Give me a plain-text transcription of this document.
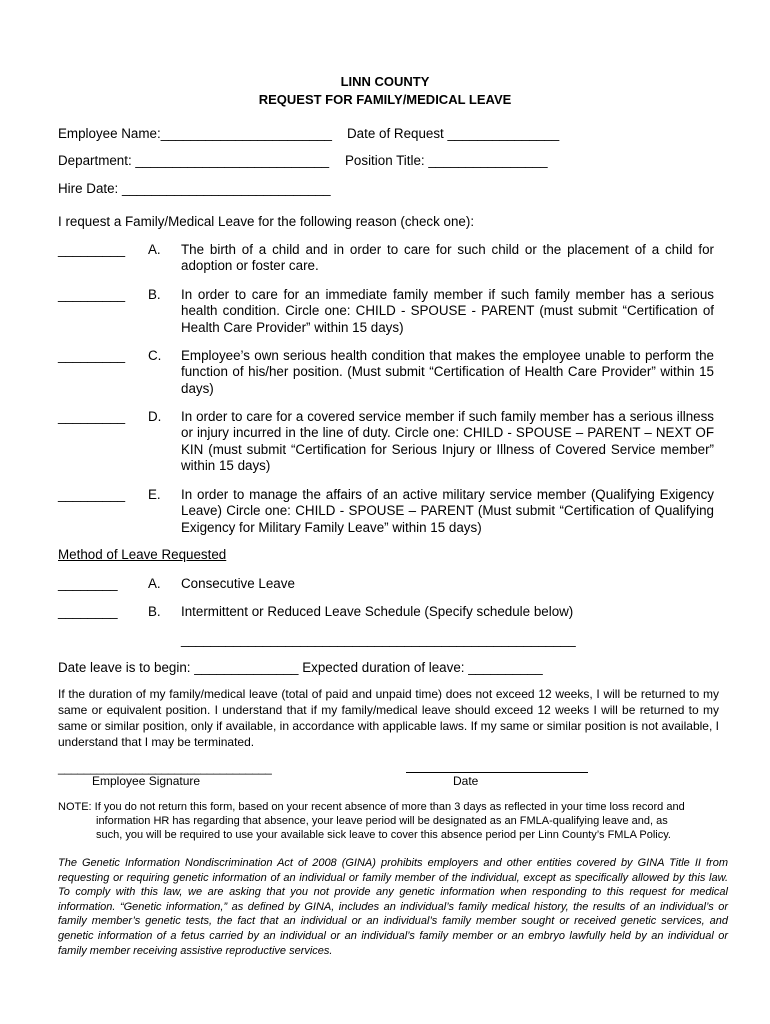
LINN COUNTY
REQUEST FOR FAMILY/MEDICAL LEAVE
Employee Name:_______________________ Date of Request _______________
Department: __________________________ Position Title: ________________
Hire Date: ____________________________
I request a Family/Medical Leave for the following reason (check one):
_________ A. The birth of a child and in order to care for such child or the placement of a child for adoption or foster care.
_________ B. In order to care for an immediate family member if such family member has a serious health condition. Circle one: CHILD - SPOUSE - PARENT (must submit “Certification of Health Care Provider” within 15 days)
_________ C. Employee’s own serious health condition that makes the employee unable to perform the function of his/her position. (Must submit “Certification of Health Care Provider” within 15 days)
_________ D. In order to care for a covered service member if such family member has a serious illness or injury incurred in the line of duty. Circle one: CHILD - SPOUSE – PARENT – NEXT OF KIN (must submit “Certification for Serious Injury or Illness of Covered Service member” within 15 days)
_________ E. In order to manage the affairs of an active military service member (Qualifying Exigency Leave) Circle one: CHILD - SPOUSE – PARENT (Must submit “Certification of Qualifying Exigency for Military Family Leave” within 15 days)
Method of Leave Requested
________ A. Consecutive Leave
________ B. Intermittent or Reduced Leave Schedule (Specify schedule below)
_____________________________________________________
Date leave is to begin: ______________ Expected duration of leave: __________
If the duration of my family/medical leave (total of paid and unpaid time) does not exceed 12 weeks, I will be returned to my same or equivalent position. I understand that if my family/medical leave should exceed 12 weeks I will be returned to my same or similar position, only if available, in accordance with applicable laws. If my same or similar position is not available, I understand that I may be terminated.
_________________________________
Employee Signature	Date
NOTE: If you do not return this form, based on your recent absence of more than 3 days as reflected in your time loss record and
information HR has regarding that absence, your leave period will be designated as an FMLA-qualifying leave and, as
such, you will be required to use your available sick leave to cover this absence period per Linn County’s FMLA Policy.
The Genetic Information Nondiscrimination Act of 2008 (GINA) prohibits employers and other entities covered by GINA Title II from requesting or requiring genetic information of an individual or family member of the individual, except as specifically allowed by this law. To comply with this law, we are asking that you not provide any genetic information when responding to this request for medical information. “Genetic information,” as defined by GINA, includes an individual’s family medical history, the results of an individual’s or family member’s genetic tests, the fact that an individual or an individual’s family member sought or received genetic services, and genetic information of a fetus carried by an individual or an individual’s family member or an embryo lawfully held by an individual or family member receiving assistive reproductive services.
